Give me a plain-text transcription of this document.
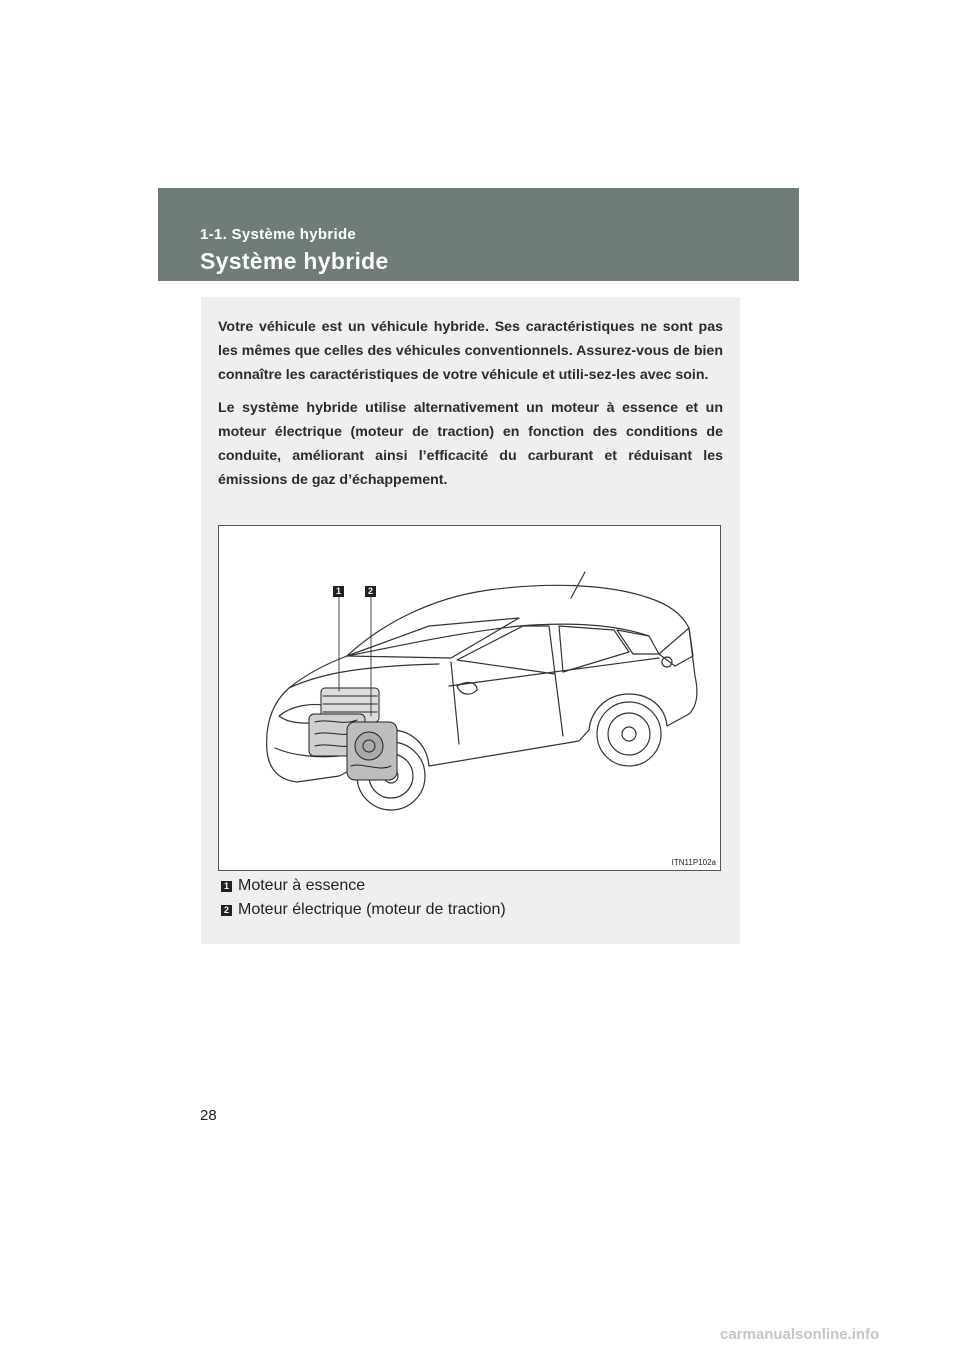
1-1. Système hybride
Système hybride

Votre véhicule est un véhicule hybride. Ses caractéristiques ne sont pas les mêmes que celles des véhicules conventionnels. Assurez-vous de bien connaître les caractéristiques de votre véhicule et utili-sez-les avec soin.

Le système hybride utilise alternativement un moteur à essence et un moteur électrique (moteur de traction) en fonction des conditions de conduite, améliorant ainsi l’efficacité du carburant et réduisant les émissions de gaz d’échappement.

1	2
ITN11P102a
1 Moteur à essence
2 Moteur électrique (moteur de traction)
28
carmanualsonline.info
